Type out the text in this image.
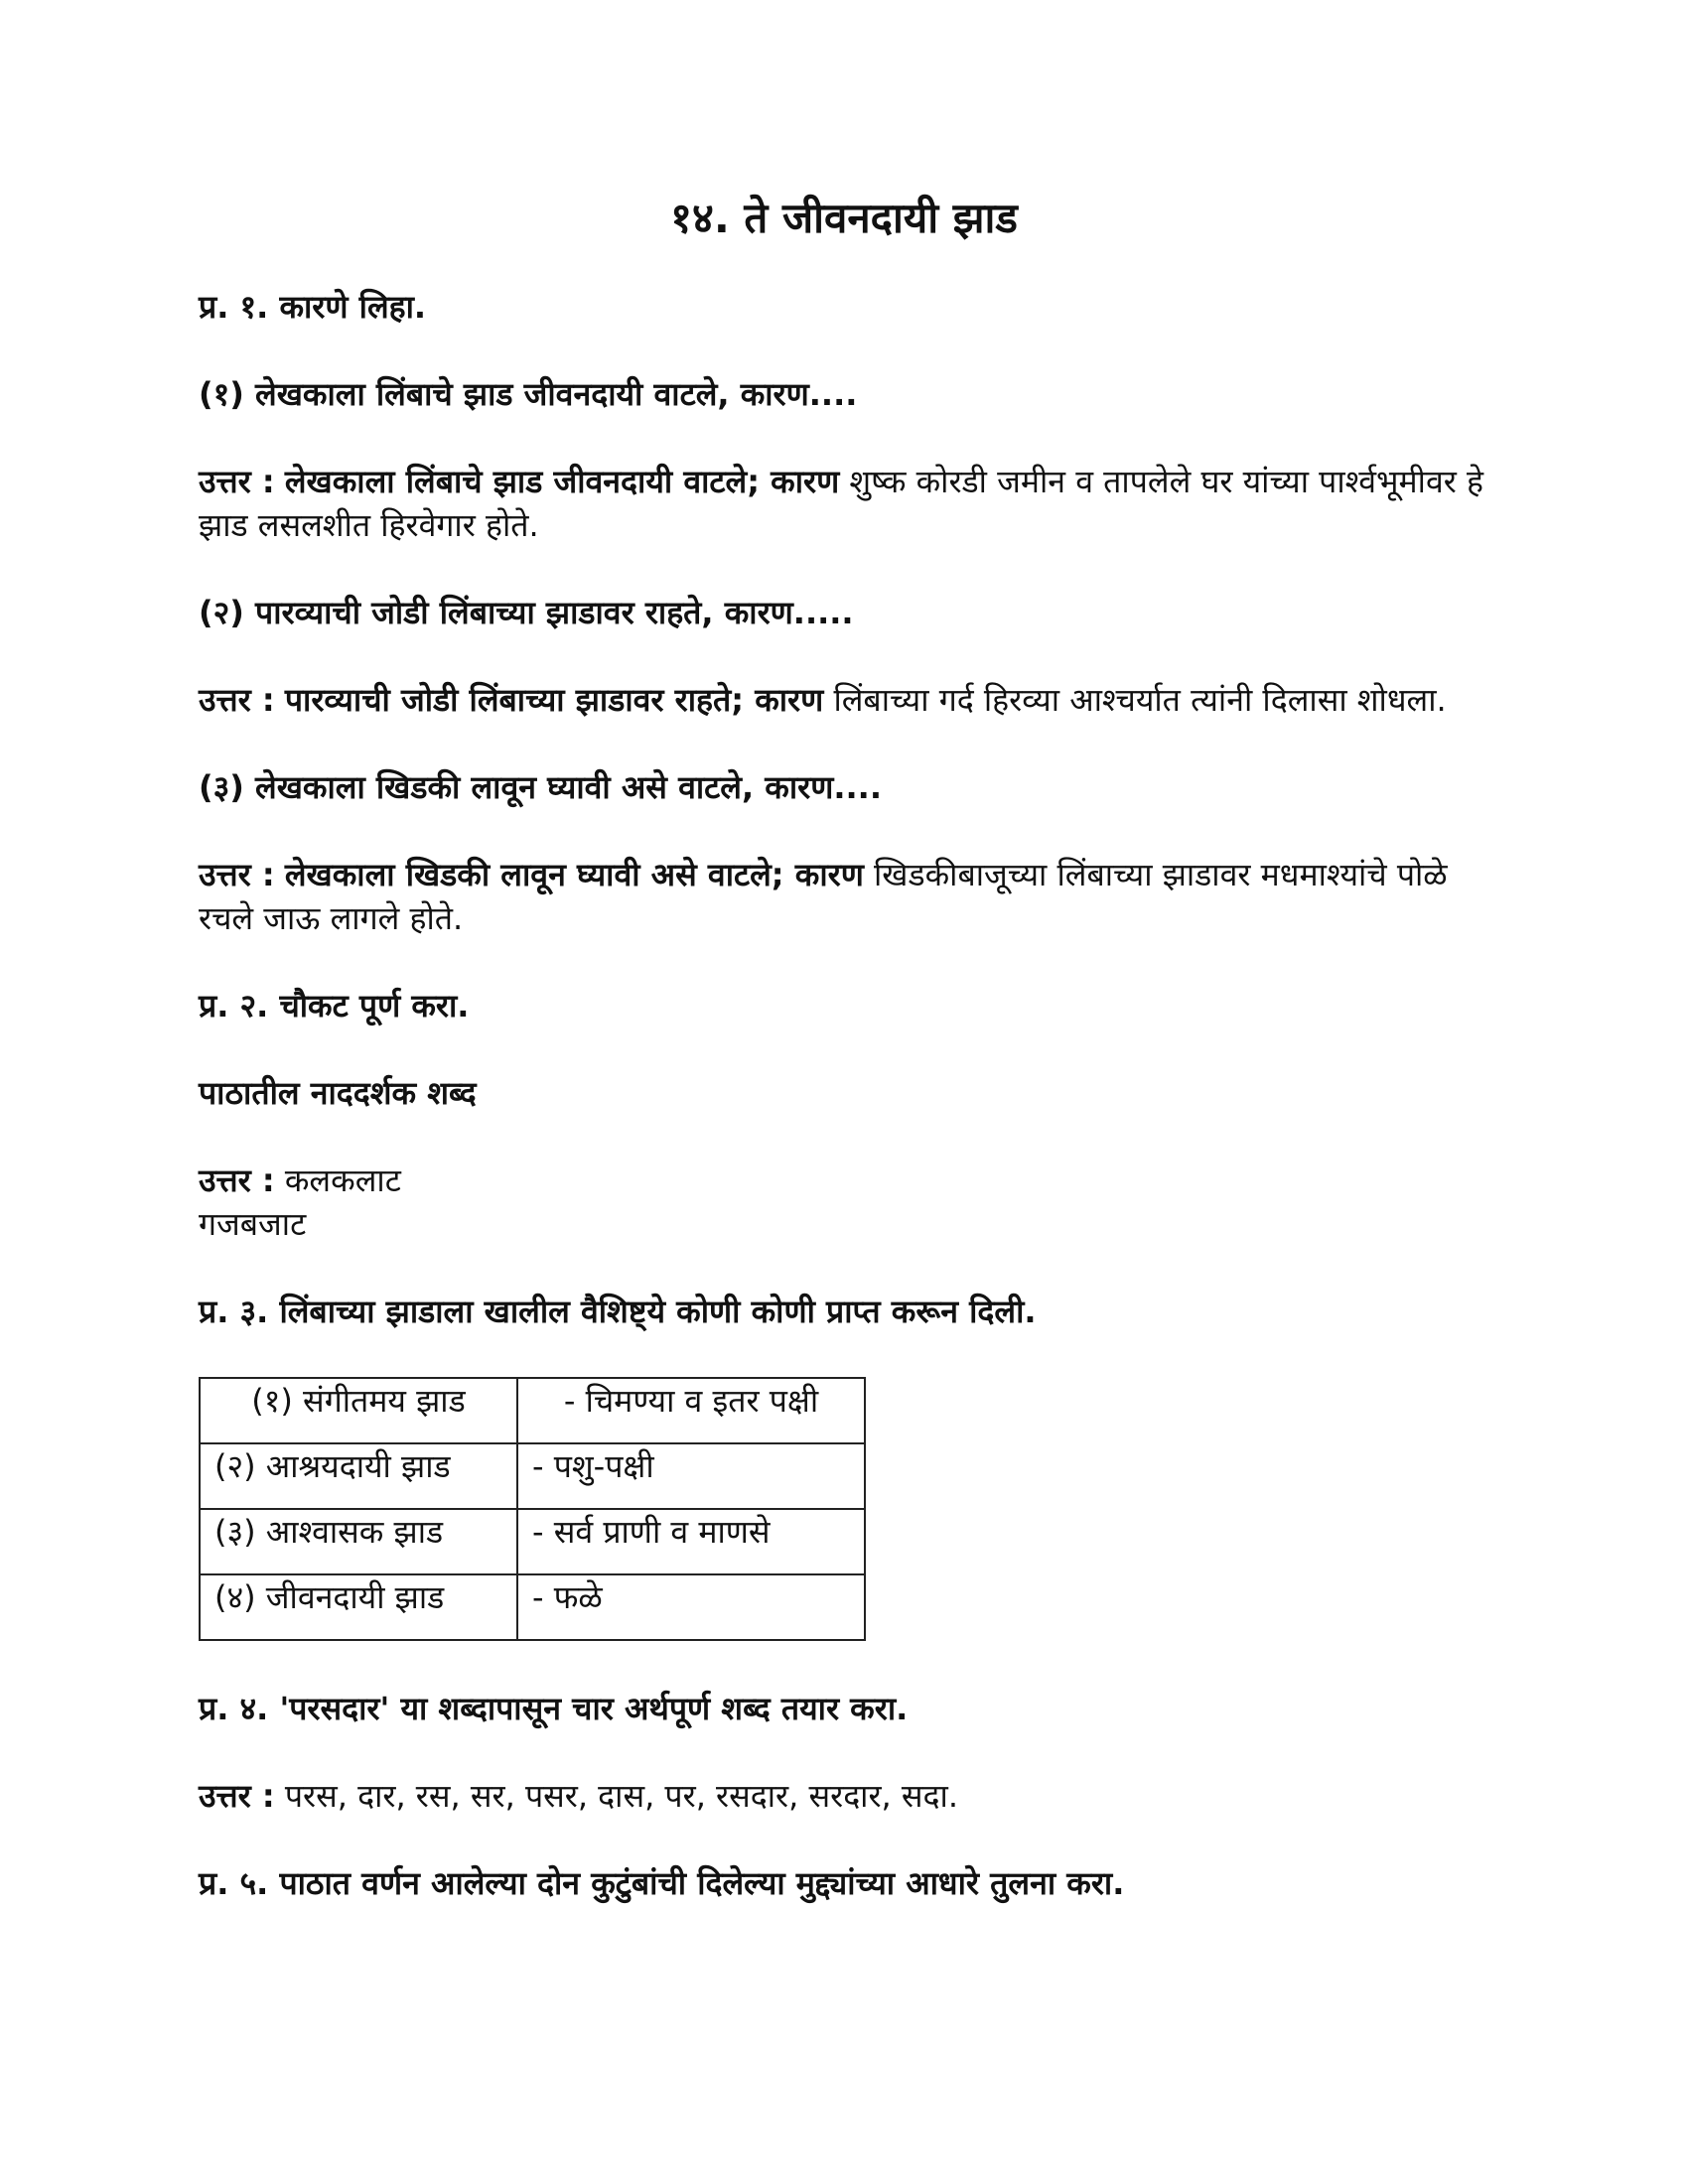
१४. ते जीवनदायी झाड
प्र. १. कारणे लिहा.
(१) लेखकाला लिंबाचे झाड जीवनदायी वाटले, कारण....
उत्तर : लेखकाला लिंबाचे झाड जीवनदायी वाटले; कारण शुष्क कोरडी जमीन व तापलेले घर यांच्या पार्श्वभूमीवर हे झाड लसलशीत हिरवेगार होते.
(२) पारव्याची जोडी लिंबाच्या झाडावर राहते, कारण.....
उत्तर : पारव्याची जोडी लिंबाच्या झाडावर राहते; कारण लिंबाच्या गर्द हिरव्या आश्चर्यात त्यांनी दिलासा शोधला.
(३) लेखकाला खिडकी लावून घ्यावी असे वाटले, कारण....
उत्तर : लेखकाला खिडकी लावून घ्यावी असे वाटले; कारण खिडकीबाजूच्या लिंबाच्या झाडावर मधमाश्यांचे पोळे रचले जाऊ लागले होते.
प्र. २. चौकट पूर्ण करा.
पाठातील नाददर्शक शब्द
उत्तर : कलकलाट
गजबजाट
प्र. ३. लिंबाच्या झाडाला खालील वैशिष्ट्ये कोणी कोणी प्राप्त करून दिली.
(१) संगीतमय झाड	- चिमण्या व इतर पक्षी
(२) आश्रयदायी झाड	- पशु-पक्षी
(३) आश्वासक झाड	- सर्व प्राणी व माणसे
(४) जीवनदायी झाड	- फळे
प्र. ४. 'परसदार' या शब्दापासून चार अर्थपूर्ण शब्द तयार करा.
उत्तर : परस, दार, रस, सर, पसर, दास, पर, रसदार, सरदार, सदा.
प्र. ५. पाठात वर्णन आलेल्या दोन कुटुंबांची दिलेल्या मुद्द्यांच्या आधारे तुलना करा.
